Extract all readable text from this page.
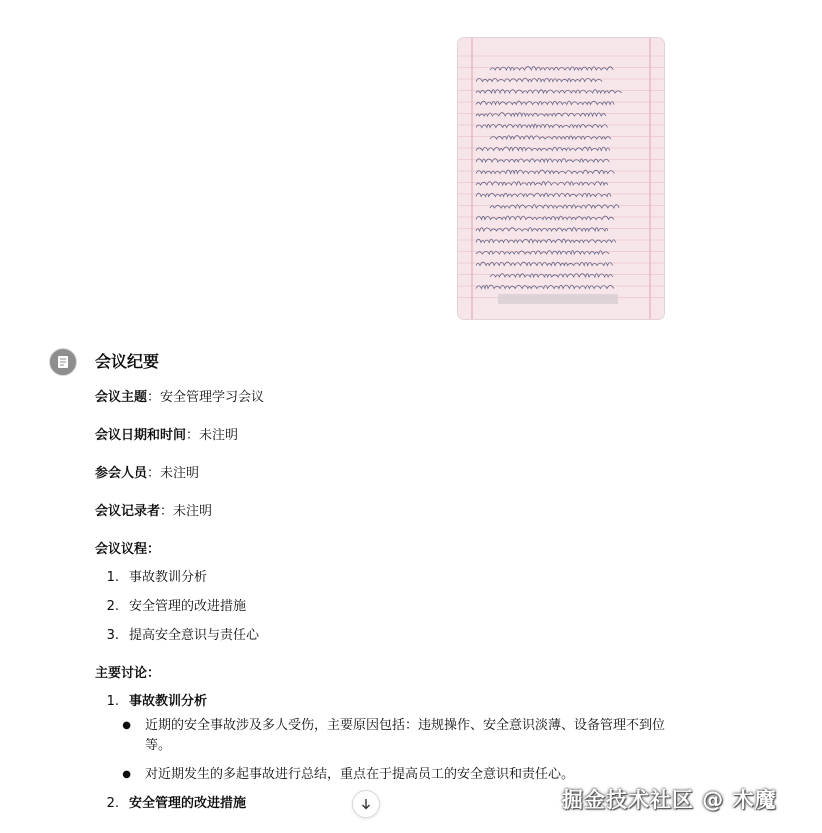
会议纪要
会议主题：安全管理学习会议
会议日期和时间：未注明
参会人员：未注明
会议记录者：未注明
会议议程：
1. 事故教训分析
2. 安全管理的改进措施
3. 提高安全意识与责任心
主要讨论：
1. 事故教训分析
●	近期的安全事故涉及多人受伤，主要原因包括：违规操作、安全意识淡薄、设备管理不到位等。
●	对近期发生的多起事故进行总结，重点在于提高员工的安全意识和责任心。
2. 安全管理的改进措施	掘金技术社区 @ 木魔
